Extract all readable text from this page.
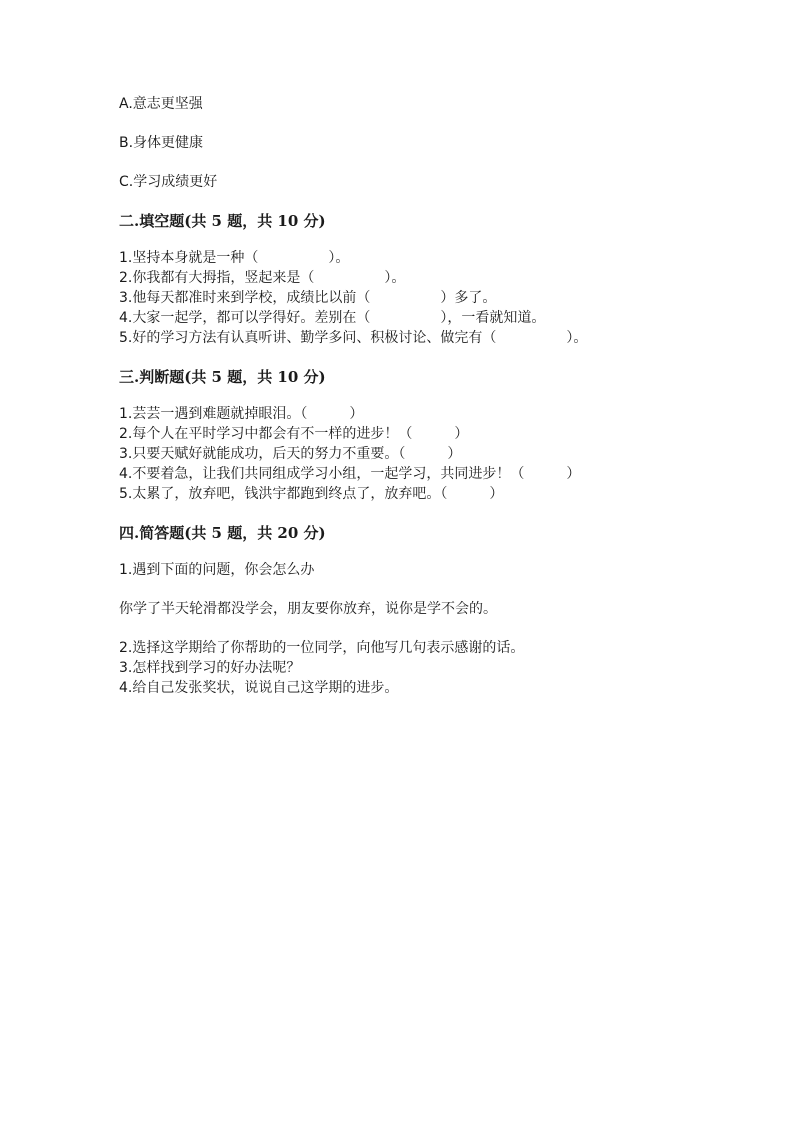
A.意志更坚强
B.身体更健康
C.学习成绩更好
二.填空题(共 5 题，共 10 分)
1.坚持本身就是一种（　　　　　）。
2.你我都有大拇指，竖起来是（　　　　　）。
3.他每天都准时来到学校，成绩比以前（　　　　　）多了。
4.大家一起学，都可以学得好。差别在（　　　　　），一看就知道。
5.好的学习方法有认真听讲、勤学多问、积极讨论、做完有（　　　　　）。
三.判断题(共 5 题，共 10 分)
1.芸芸一遇到难题就掉眼泪。（　　　）
2.每个人在平时学习中都会有不一样的进步！（　　　）
3.只要天赋好就能成功，后天的努力不重要。（　　　）
4.不要着急，让我们共同组成学习小组，一起学习，共同进步！（　　　）
5.太累了，放弃吧，钱洪宇都跑到终点了，放弃吧。（　　　）
四.简答题(共 5 题，共 20 分)
1.遇到下面的问题，你会怎么办
你学了半天轮滑都没学会，朋友要你放弃，说你是学不会的。
2.选择这学期给了你帮助的一位同学，向他写几句表示感谢的话。
3.怎样找到学习的好办法呢？
4.给自己发张奖状，说说自己这学期的进步。
